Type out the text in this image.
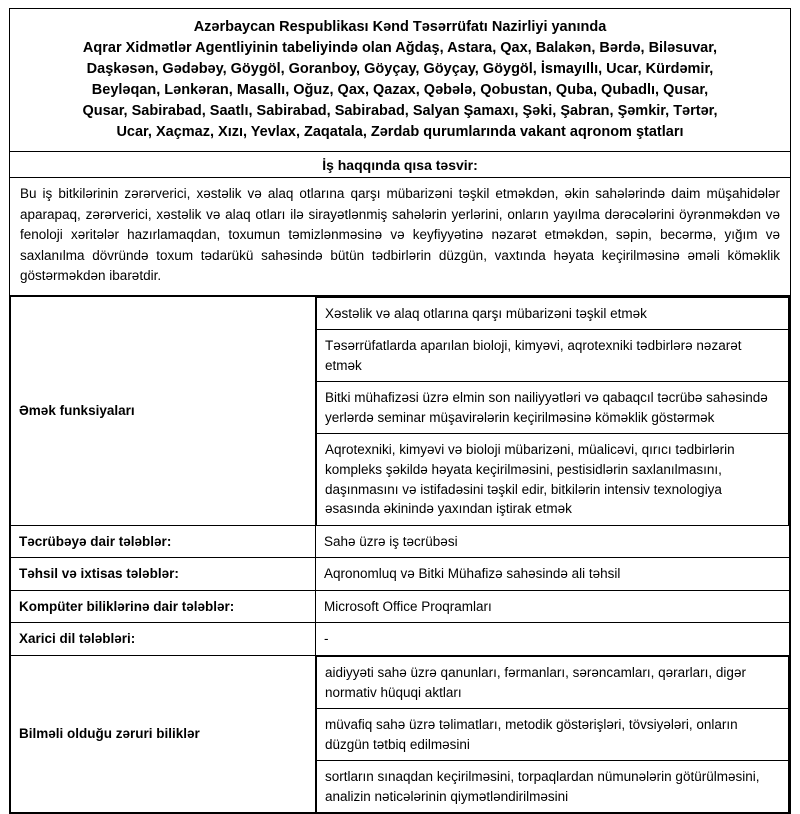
Azərbaycan Respublikası Kənd Təsərrüfatı Nazirliyi yanında
Aqrar Xidmətlər Agentliyinin tabeliyində olan Ağdaş, Astara, Qax, Balakən, Bərdə, Biləsuvar,
Daşkəsən, Gədəbəy, Göygöl, Goranboy, Göyçay, Göyçay, Göygöl, İsmayıllı, Ucar, Kürdəmir,
Beyləqan, Lənkəran, Masallı, Oğuz, Qax, Qazax, Qəbələ, Qobustan, Quba, Qubadlı, Qusar,
Qusar, Sabirabad, Saatlı, Sabirabad, Sabirabad, Salyan Şamaxı, Şəki, Şabran, Şəmkir, Tərtər,
Ucar, Xaçmaz, Xızı, Yevlax, Zaqatala, Zərdab qurumlarında vakant aqronom ştatları
İş haqqında qısa təsvir:
Bu iş bitkilərinin zərərverici, xəstəlik və alaq otlarına qarşı mübarizəni təşkil etməkdən, əkin sahələrində daim müşahidələr aparараq, zərərverici, xəstəlik və alaq otları ilə sirayətlənmiş sahələrin yerlərini, onların yayılma dərəcələrini öyrənməkdən və fenoloji xəritələr hazırlamaqdan, toxumun təmizlənməsinə və keyfiyyətinə nəzarət etməkdən, səpin, becərmə, yığım və saxlanılma dövründə toxum tədarükü sahəsində bütün tədbirlərin düzgün, vaxtında həyata keçirilməsinə əməli köməklik göstərməkdən ibarətdir.
Əmək funksiyaları	
Xəstəlik və alaq otlarına qarşı mübarizəni təşkil etmək
Təsərrüfatlarda aparılan bioloji, kimyəvi, aqrotexniki tədbirlərə nəzarət etmək
Bitki mühafizəsi üzrə elmin son nailiyyətləri və qabaqcıl təcrübə sahəsində yerlərdə seminar müşavirələrin keçirilməsinə köməklik göstərmək
Aqrotexniki, kimyəvi və bioloji mübarizəni, müalicəvi, qırıcı tədbirlərin kompleks şəkildə həyata keçirilməsini, pestisidlərin saxlanılmasını, daşınmasını və istifadəsini təşkil edir, bitkilərin intensiv texnologiya əsasında əkinində yaxından iştirak etmək

Təcrübəyə dair tələblər:	Sahə üzrə iş təcrübəsi
Təhsil və ixtisas tələblər:	Aqronomluq və Bitki Mühafizə sahəsində ali təhsil
Kompüter biliklərinə dair tələblər:	Microsoft Office Proqramları
Xarici dil tələbləri:	-
Bilməli olduğu zəruri biliklər	
aidiyyəti sahə üzrə qanunları, fərmanları, sərəncamları, qərarları, digər normativ hüquqi aktları
müvafiq sahə üzrə təlimatları, metodik göstərişləri, tövsiyələri, onların düzgün tətbiq edilməsini
sortların sınaqdan keçirilməsini, torpaqlardan nümunələrin götürülməsini, analizin nəticələrinin qiymətləndirilməsini
